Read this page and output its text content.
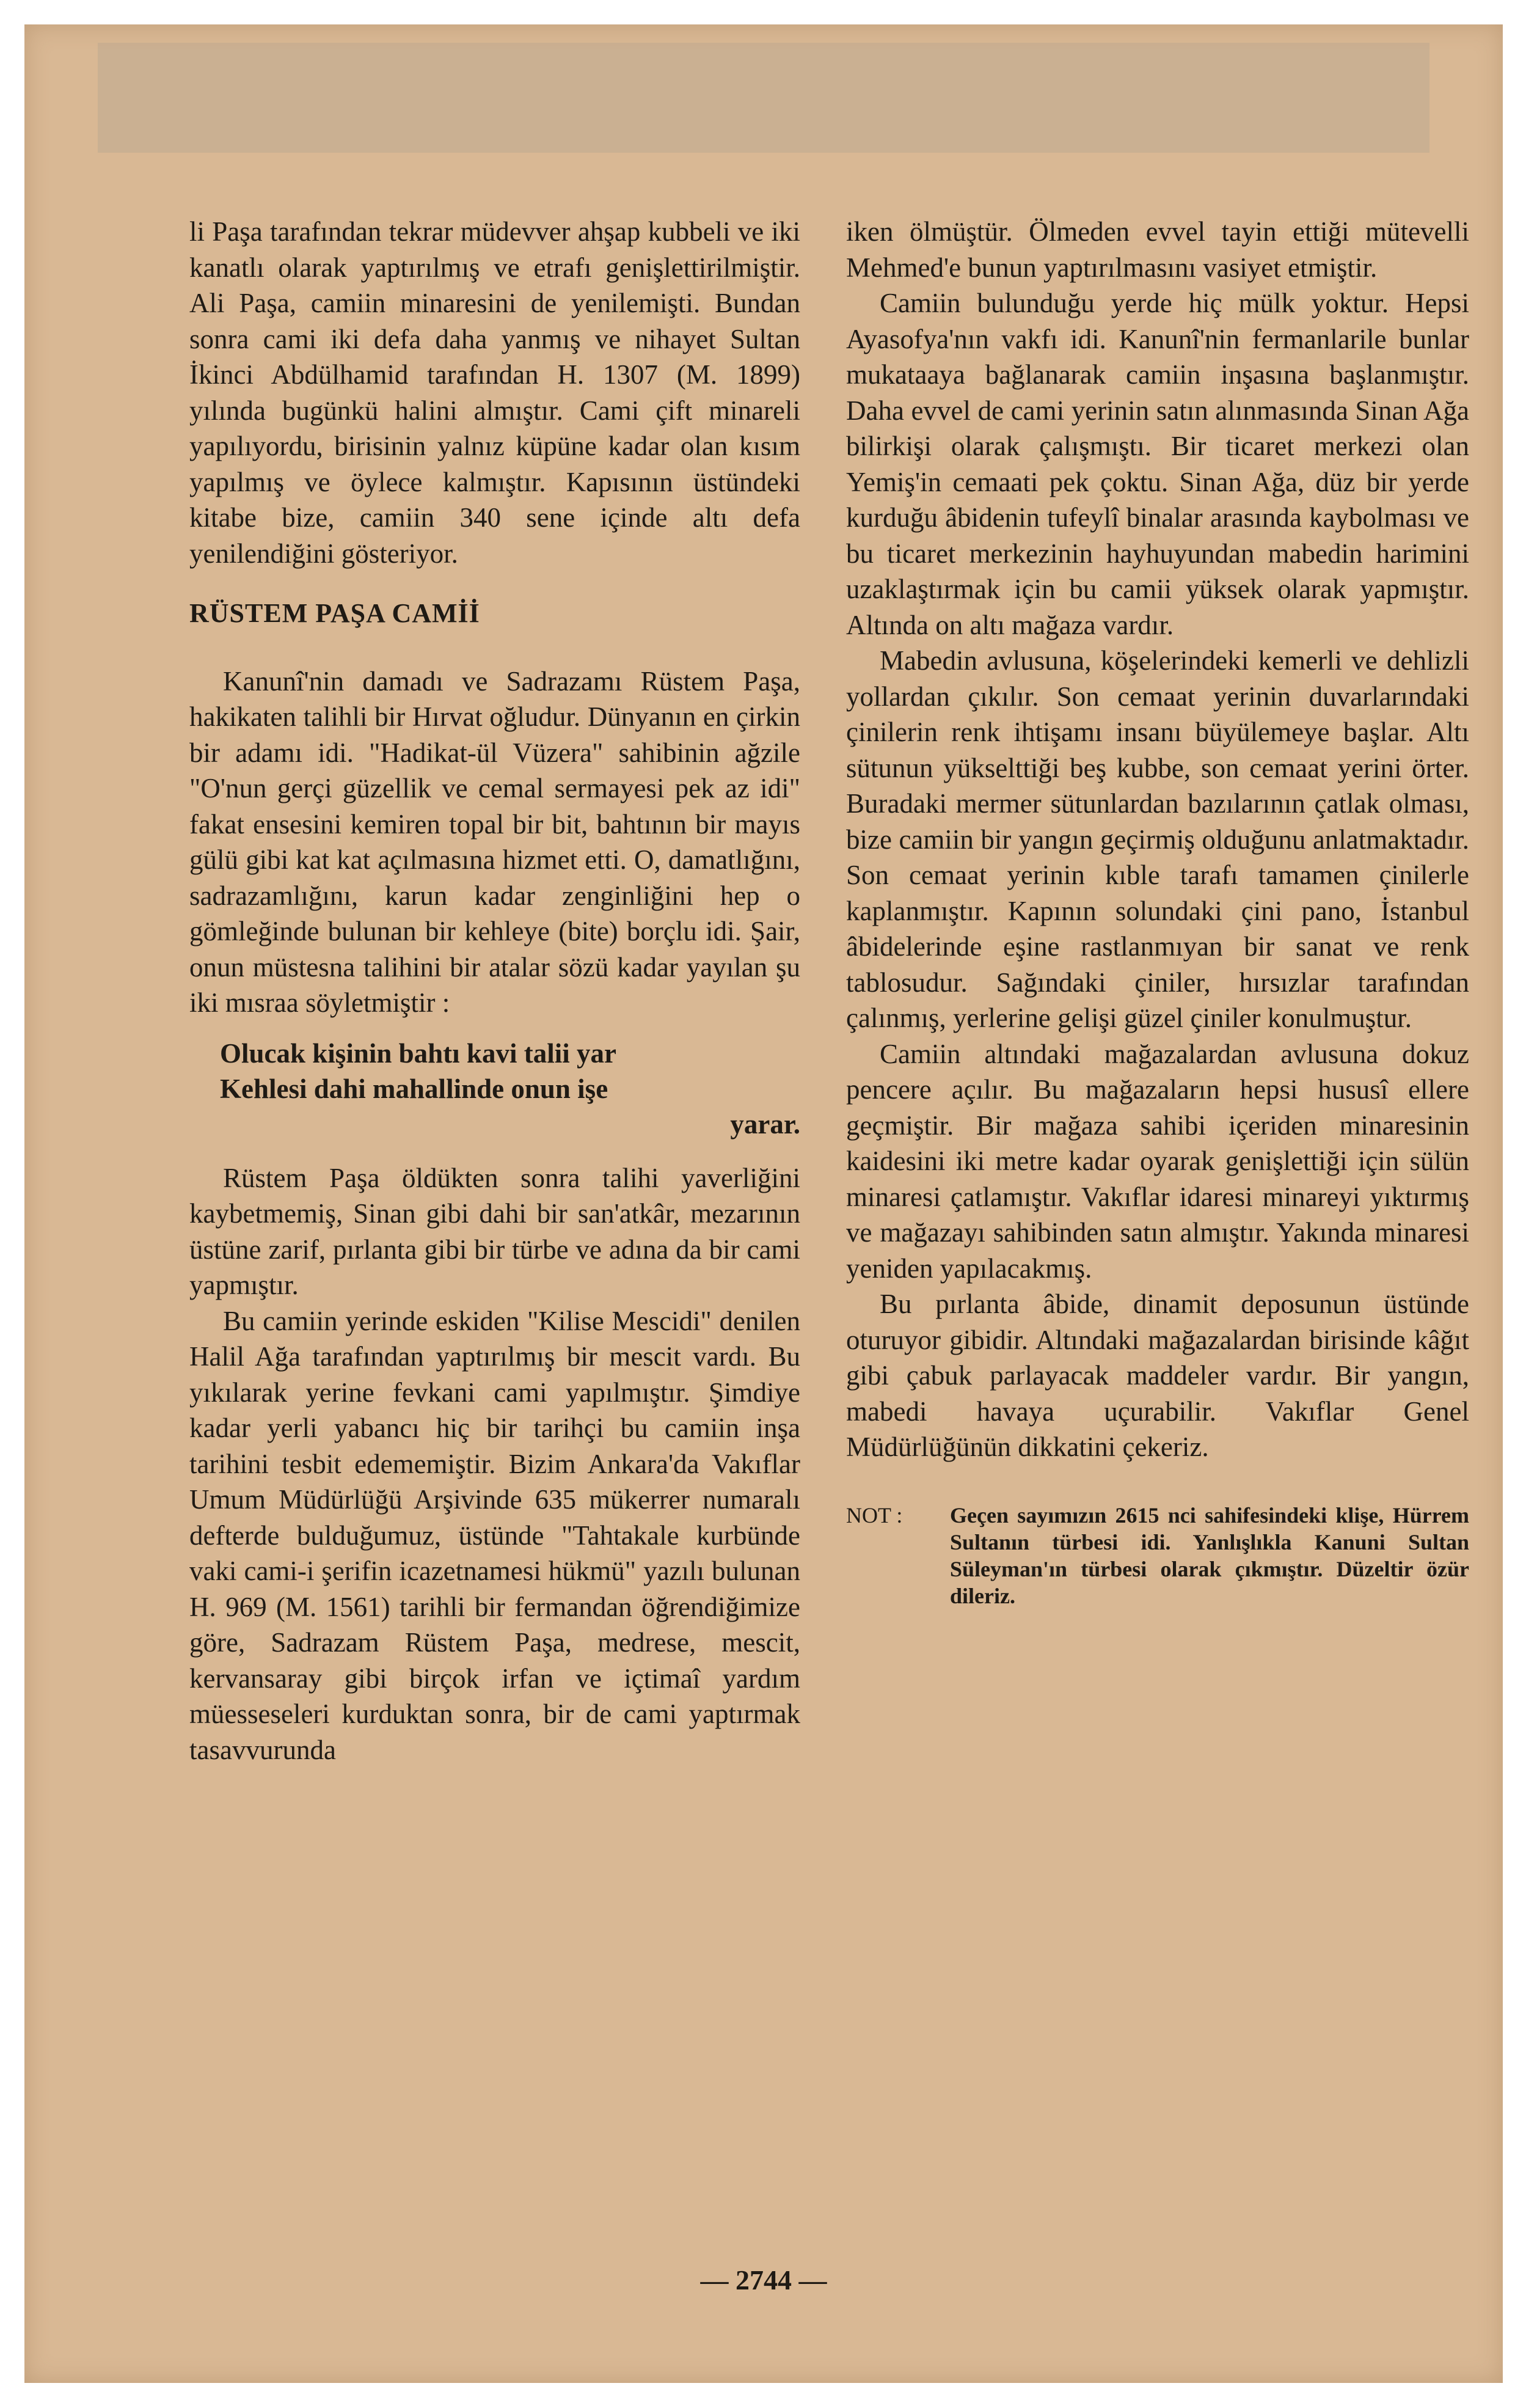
li Paşa tarafından tekrar müdevver ahşap kubbeli ve iki kanatlı olarak yaptırılmış ve etrafı genişlettirilmiştir. Ali Paşa, camiin minaresini de yenilemişti. Bundan sonra cami iki defa daha yanmış ve nihayet Sultan İkinci Abdülhamid tarafından H. 1307 (M. 1899) yılında bugünkü halini almıştır. Cami çift minareli yapılıyordu, birisinin yalnız küpüne kadar olan kısım yapılmış ve öylece kalmıştır. Kapısının üstündeki kitabe bize, camiin 340 sene içinde altı defa yenilendiğini gösteriyor.

RÜSTEM PAŞA CAMİİ

Kanunî'nin damadı ve Sadrazamı Rüstem Paşa, hakikaten talihli bir Hırvat oğludur. Dünyanın en çirkin bir adamı idi. "Hadikat-ül Vüzera" sahibinin ağzile "O'nun gerçi güzellik ve cemal sermayesi pek az idi" fakat ensesini kemiren topal bir bit, bahtının bir mayıs gülü gibi kat kat açılmasına hizmet etti. O, damatlığını, sadrazamlığını, karun kadar zenginliğini hep o gömleğinde bulunan bir kehleye (bite) borçlu idi. Şair, onun müstesna talihini bir atalar sözü kadar yayılan şu iki mısraa söyletmiştir :

Olucak kişinin bahtı kavi talii yar
Kehlesi dahi mahallinde onun işe
yarar.

Rüstem Paşa öldükten sonra talihi yaverliğini kaybetmemiş, Sinan gibi dahi bir san'atkâr, mezarının üstüne zarif, pırlanta gibi bir türbe ve adına da bir cami yapmıştır.

Bu camiin yerinde eskiden "Kilise Mescidi" denilen Halil Ağa tarafından yaptırılmış bir mescit vardı. Bu yıkılarak yerine fevkani cami yapılmıştır. Şimdiye kadar yerli yabancı hiç bir tarihçi bu camiin inşa tarihini tesbit edememiştir. Bizim Ankara'da Vakıflar Umum Müdürlüğü Arşivinde 635 mükerrer numaralı defterde bulduğumuz, üstünde "Tahtakale kurbünde vaki cami-i şerifin icazetnamesi hükmü" yazılı bulunan H. 969 (M. 1561) tarihli bir fermandan öğrendiğimize göre, Sadrazam Rüstem Paşa, medrese, mescit, kervansaray gibi birçok irfan ve içtimaî yardım müesseseleri kurduktan sonra, bir de cami yaptırmak tasavvurunda

iken ölmüştür. Ölmeden evvel tayin ettiği mütevelli Mehmed'e bunun yaptırılmasını vasiyet etmiştir.

Camiin bulunduğu yerde hiç mülk yoktur. Hepsi Ayasofya'nın vakfı idi. Kanunî'nin fermanlarile bunlar mukataaya bağlanarak camiin inşasına başlanmıştır. Daha evvel de cami yerinin satın alınmasında Sinan Ağa bilirkişi olarak çalışmıştı. Bir ticaret merkezi olan Yemiş'in cemaati pek çoktu. Sinan Ağa, düz bir yerde kurduğu âbidenin tufeylî binalar arasında kaybolması ve bu ticaret merkezinin hayhuyundan mabedin harimini uzaklaştırmak için bu camii yüksek olarak yapmıştır. Altında on altı mağaza vardır.

Mabedin avlusuna, köşelerindeki kemerli ve dehlizli yollardan çıkılır. Son cemaat yerinin duvarlarındaki çinilerin renk ihtişamı insanı büyülemeye başlar. Altı sütunun yükselttiği beş kubbe, son cemaat yerini örter. Buradaki mermer sütunlardan bazılarının çatlak olması, bize camiin bir yangın geçirmiş olduğunu anlatmaktadır. Son cemaat yerinin kıble tarafı tamamen çinilerle kaplanmıştır. Kapının solundaki çini pano, İstanbul âbidelerinde eşine rastlanmıyan bir sanat ve renk tablosudur. Sağındaki çiniler, hırsızlar tarafından çalınmış, yerlerine gelişi güzel çiniler konulmuştur.

Camiin altındaki mağazalardan avlusuna dokuz pencere açılır. Bu mağazaların hepsi hususî ellere geçmiştir. Bir mağaza sahibi içeriden minaresinin kaidesini iki metre kadar oyarak genişlettiği için sülün minaresi çatlamıştır. Vakıflar idaresi minareyi yıktırmış ve mağazayı sahibinden satın almıştır. Yakında minaresi yeniden yapılacakmış.

Bu pırlanta âbide, dinamit deposunun üstünde oturuyor gibidir. Altındaki mağazalardan birisinde kâğıt gibi çabuk parlayacak maddeler vardır. Bir yangın, mabedi havaya uçurabilir. Vakıflar Genel Müdürlüğünün dikkatini çekeriz.

NOT :	Geçen sayımızın 2615 nci sahifesindeki klişe, Hürrem Sultanın türbesi idi. Yanlışlıkla Kanuni Sultan Süleyman'ın türbesi olarak çıkmıştır. Düzeltir özür dileriz.
— 2744 —
